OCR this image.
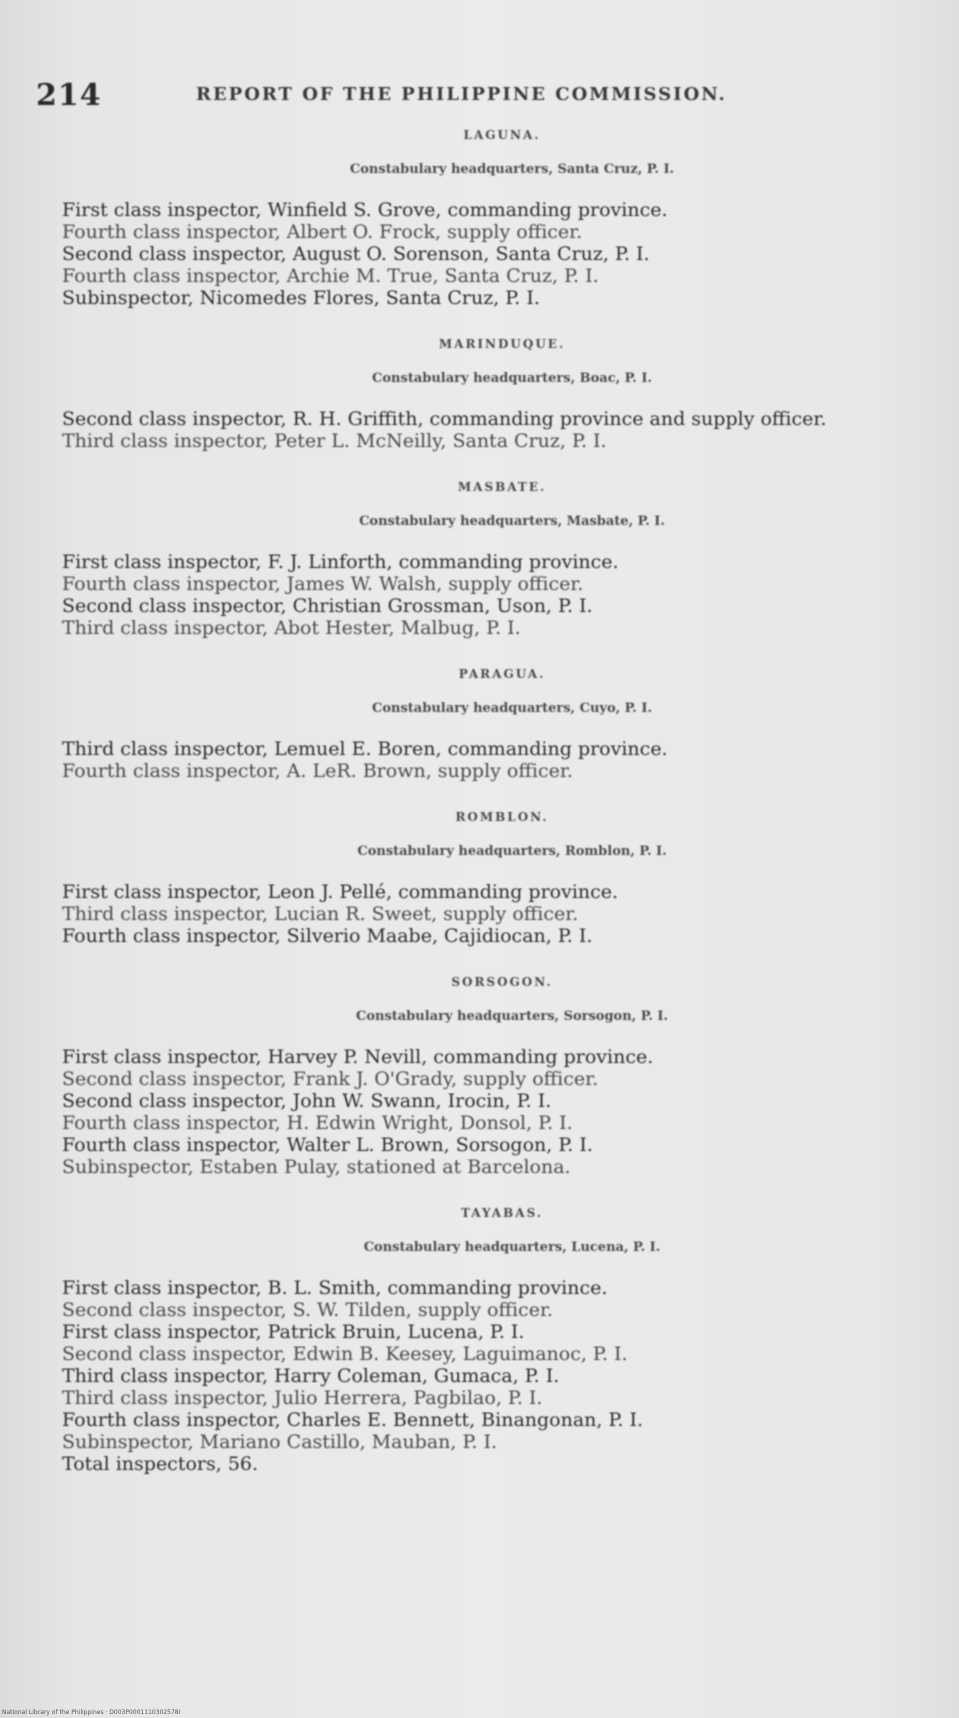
214	REPORT OF THE PHILIPPINE COMMISSION.
LAGUNA.
Constabulary headquarters, Santa Cruz, P. I.
First class inspector, Winfield S. Grove, commanding province.
Fourth class inspector, Albert O. Frock, supply officer.
Second class inspector, August O. Sorenson, Santa Cruz, P. I.
Fourth class inspector, Archie M. True, Santa Cruz, P. I.
Subinspector, Nicomedes Flores, Santa Cruz, P. I.
MARINDUQUE.
Constabulary headquarters, Boac, P. I.
Second class inspector, R. H. Griffith, commanding province and supply officer.
Third class inspector, Peter L. McNeilly, Santa Cruz, P. I.
MASBATE.
Constabulary headquarters, Masbate, P. I.
First class inspector, F. J. Linforth, commanding province.
Fourth class inspector, James W. Walsh, supply officer.
Second class inspector, Christian Grossman, Uson, P. I.
Third class inspector, Abot Hester, Malbug, P. I.
PARAGUA.
Constabulary headquarters, Cuyo, P. I.
Third class inspector, Lemuel E. Boren, commanding province.
Fourth class inspector, A. LeR. Brown, supply officer.
ROMBLON.
Constabulary headquarters, Romblon, P. I.
First class inspector, Leon J. Pellé, commanding province.
Third class inspector, Lucian R. Sweet, supply officer.
Fourth class inspector, Silverio Maabe, Cajidiocan, P. I.
SORSOGON.
Constabulary headquarters, Sorsogon, P. I.
First class inspector, Harvey P. Nevill, commanding province.
Second class inspector, Frank J. O'Grady, supply officer.
Second class inspector, John W. Swann, Irocin, P. I.
Fourth class inspector, H. Edwin Wright, Donsol, P. I.
Fourth class inspector, Walter L. Brown, Sorsogon, P. I.
Subinspector, Estaben Pulay, stationed at Barcelona.
TAYABAS.
Constabulary headquarters, Lucena, P. I.
First class inspector, B. L. Smith, commanding province.
Second class inspector, S. W. Tilden, supply officer.
First class inspector, Patrick Bruin, Lucena, P. I.
Second class inspector, Edwin B. Keesey, Laguimanoc, P. I.
Third class inspector, Harry Coleman, Gumaca, P. I.
Third class inspector, Julio Herrera, Pagbilao, P. I.
Fourth class inspector, Charles E. Bennett, Binangonan, P. I.
Subinspector, Mariano Castillo, Mauban, P. I.
Total inspectors, 56.
National Library of the Philippines · D003P0001110302578I
